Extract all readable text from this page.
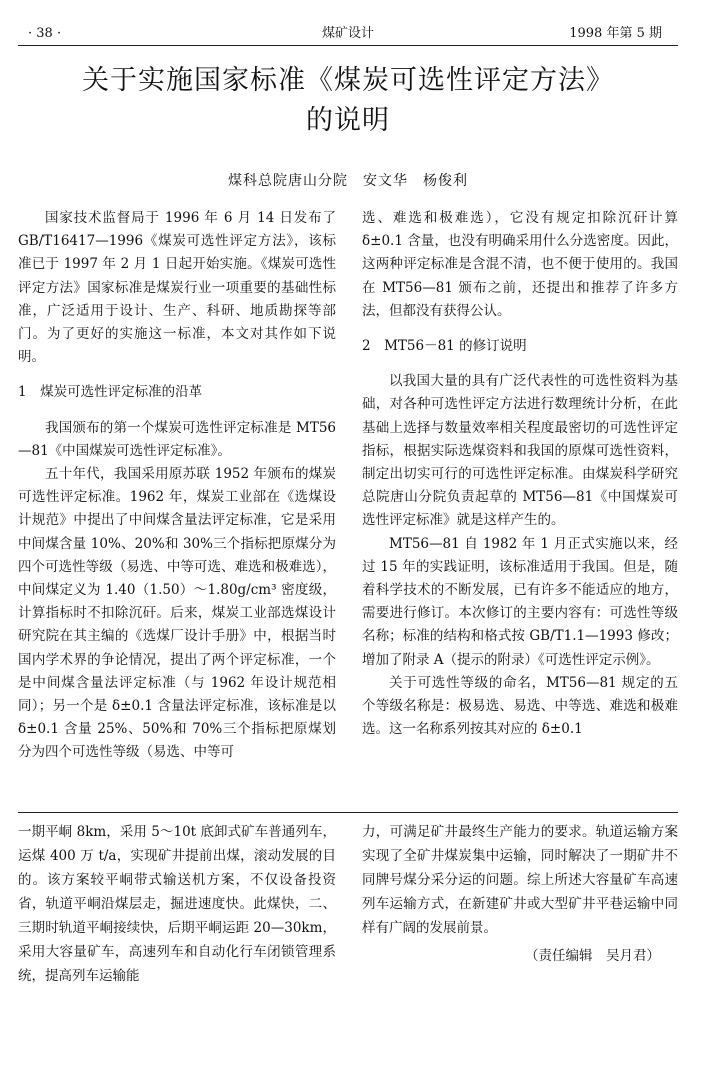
· 38 ·	煤矿设计	1998 年第 5 期
关于实施国家标准《煤炭可选性评定方法》
的说明
煤科总院唐山分院　安文华　杨俊利

国家技术监督局于 1996 年 6 月 14 日发布了 GB/T16417—1996《煤炭可选性评定方法》，该标准已于 1997 年 2 月 1 日起开始实施。《煤炭可选性评定方法》国家标准是煤炭行业一项重要的基础性标准，广泛适用于设计、生产、科研、地质勘探等部门。为了更好的实施这一标准，本文对其作如下说明。

1　煤炭可选性评定标准的沿革

我国颁布的第一个煤炭可选性评定标准是 MT56—81《中国煤炭可选性评定标准》。

五十年代，我国采用原苏联 1952 年颁布的煤炭可选性评定标准。1962 年，煤炭工业部在《选煤设计规范》中提出了中间煤含量法评定标准，它是采用中间煤含量 10%、20%和 30%三个指标把原煤分为四个可选性等级（易选、中等可选、难选和极难选），中间煤定义为 1.40（1.50）～1.80g/cm³ 密度级，计算指标时不扣除沉矸。后来，煤炭工业部选煤设计研究院在其主编的《选煤厂设计手册》中，根据当时国内学术界的争论情况，提出了两个评定标准，一个是中间煤含量法评定标准（与 1962 年设计规范相同）；另一个是 δ±0.1 含量法评定标准，该标准是以 δ±0.1 含量 25%、50%和 70%三个指标把原煤划分为四个可选性等级（易选、中等可

选、难选和极难选），它没有规定扣除沉矸计算 δ±0.1 含量，也没有明确采用什么分选密度。因此，这两种评定标准是含混不清，也不便于使用的。我国在 MT56—81 颁布之前，还提出和推荐了许多方法，但都没有获得公认。

2　MT56－81 的修订说明

以我国大量的具有广泛代表性的可选性资料为基础，对各种可选性评定方法进行数理统计分析，在此基础上选择与数量效率相关程度最密切的可选性评定指标，根据实际选煤资料和我国的原煤可选性资料，制定出切实可行的可选性评定标准。由煤炭科学研究总院唐山分院负责起草的 MT56—81《中国煤炭可选性评定标准》就是这样产生的。

MT56—81 自 1982 年 1 月正式实施以来，经过 15 年的实践证明，该标准适用于我国。但是，随着科学技术的不断发展，已有许多不能适应的地方，需要进行修订。本次修订的主要内容有：可选性等级名称；标准的结构和格式按 GB/T1.1—1993 修改；增加了附录 A（提示的附录）《可选性评定示例》。

关于可选性等级的命名，MT56—81 规定的五个等级名称是：极易选、易选、中等选、难选和极难选。这一名称系列按其对应的 δ±0.1

一期平峒 8km，采用 5～10t 底卸式矿车普通列车，运煤 400 万 t/a，实现矿井提前出煤，滚动发展的目的。该方案较平峒带式输送机方案，不仅设备投资省，轨道平峒沿煤层走，掘进速度快。此煤快，二、三期时轨道平峒接续快，后期平峒运距 20—30km，采用大容量矿车，高速列车和自动化行车闭锁管理系统，提高列车运输能

力，可满足矿井最终生产能力的要求。轨道运输方案实现了全矿井煤炭集中运输，同时解决了一期矿井不同牌号煤分采分运的问题。综上所述大容量矿车高速列车运输方式，在新建矿井或大型矿井平巷运输中同样有广阔的发展前景。

（责任编辑　吴月君）
